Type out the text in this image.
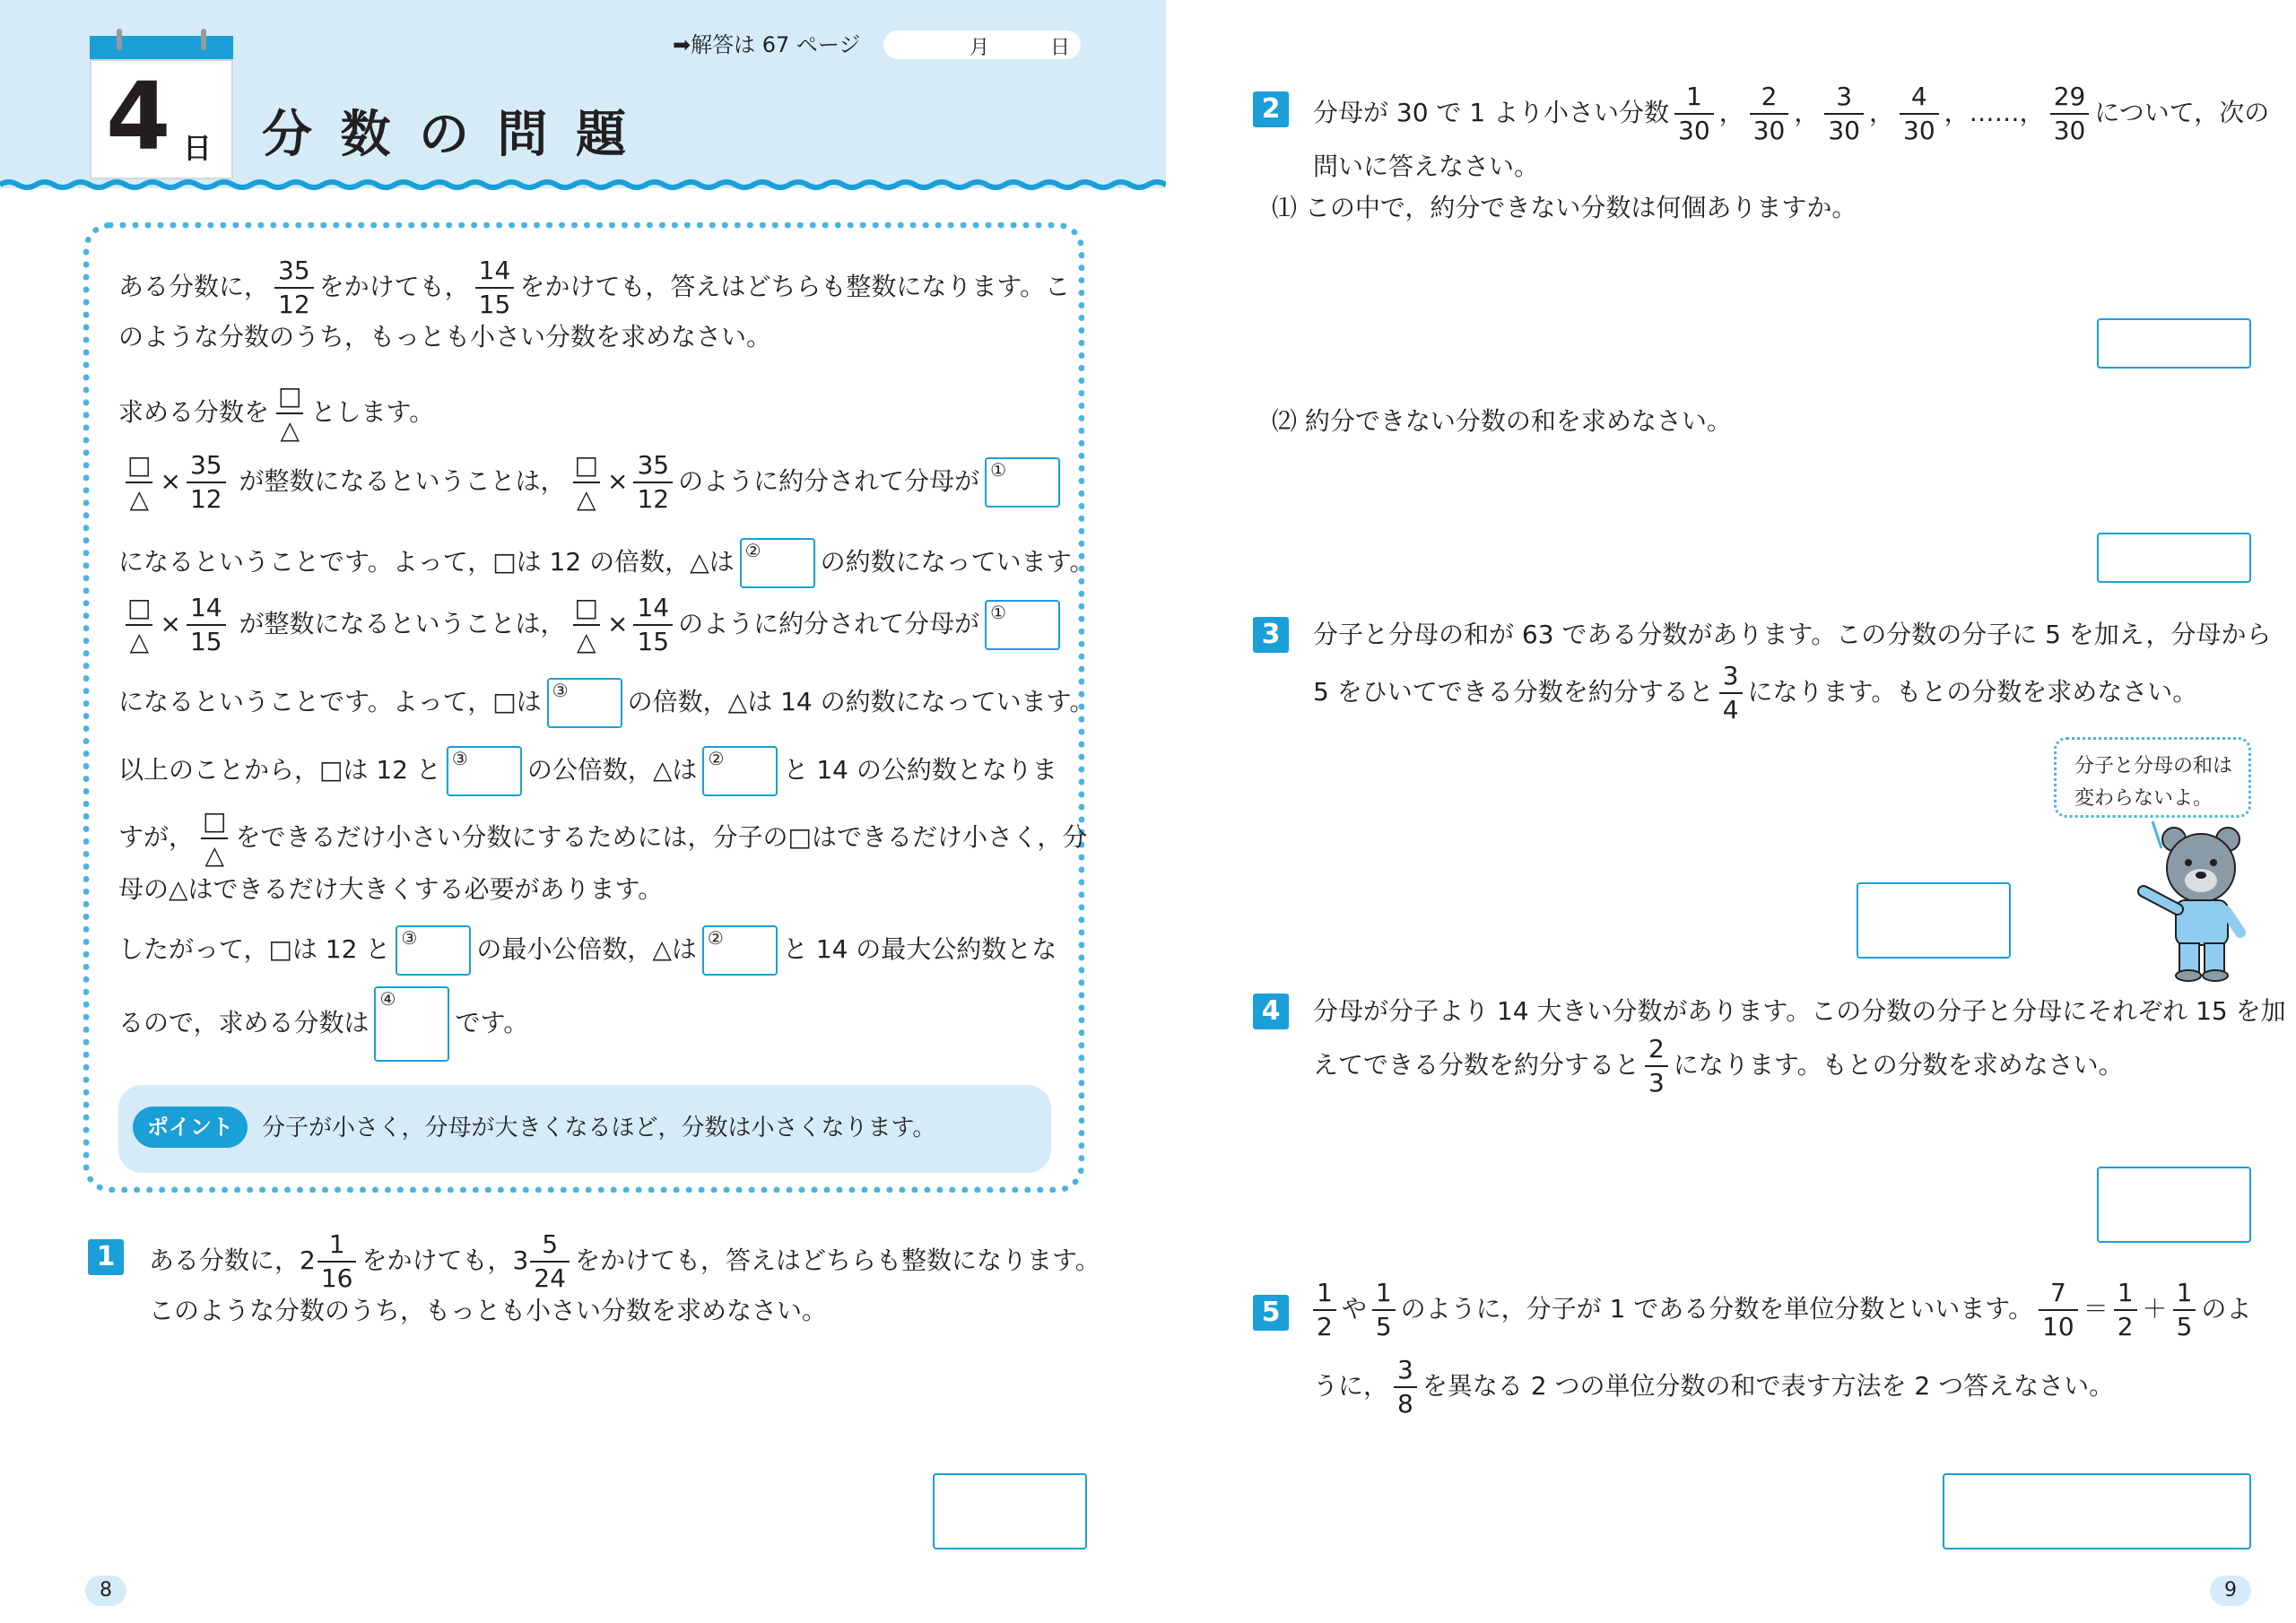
4 日 分 数 の 問 題
➡解答は 67 ページ	月	日
ある分数に， $\frac{35}{12}$ をかけても， $\frac{14}{15}$ をかけても，答えはどちらも整数になります。こ
のような分数のうち，もっとも小さい分数を求めなさい。
求める分数を $\frac{□}{\triangle}$ とします。
$\frac{□}{\triangle} \times \frac{35}{12}$ が整数になるということは， $\frac{□}{\triangle} \times \frac{35}{12}$ のように約分されて分母が ①
になるということです。よって，□は 12 の倍数，△は ② の約数になっています。
$\frac{□}{\triangle} \times \frac{14}{15}$ が整数になるということは， $\frac{□}{\triangle} \times \frac{14}{15}$ のように約分されて分母が ①
になるということです。よって，□は ③ の倍数，△は 14 の約数になっています。
以上のことから，□は 12 と ③ の公倍数，△は ② と 14 の公約数となりま
すが， $\frac{□}{\triangle}$ をできるだけ小さい分数にするためには，分子の□はできるだけ小さく，分
母の△はできるだけ大きくする必要があります。
したがって，□は 12 と ③ の最小公倍数，△は ② と 14 の最大公約数とな
るので，求める分数は
④
です。
ポイント	分子が小さく，分母が大きくなるほど，分数は小さくなります。
1	ある分数に，$2 \frac{1}{16}$ をかけても，$3 \frac{5}{24}$ をかけても，答えはどちらも整数になります。
このような分数のうち，もっとも小さい分数を求めなさい。
8
2	分母が 30 で 1 より小さい分数 $\frac{1}{30}$ ， $\frac{2}{30}$ ， $\frac{3}{30}$ ， $\frac{4}{30}$ ，……， $\frac{29}{30}$ について，次の
問いに答えなさい。
⑴ この中で，約分できない分数は何個ありますか。
⑵ 約分できない分数の和を求めなさい。
3	分子と分母の和が 63 である分数があります。この分数の分子に 5 を加え，分母から
5 をひいてできる分数を約分すると $\frac{3}{4}$ になります。もとの分数を求めなさい。
分子と分母の和は
変わらないよ。
4	分母が分子より 14 大きい分数があります。この分数の分子と分母にそれぞれ 15 を加
えてできる分数を約分すると $\frac{2}{3}$ になります。もとの分数を求めなさい。
5	$\frac{1}{2}$ や $\frac{1}{5}$ のように，分子が 1 である分数を単位分数といいます。 $\frac{7}{10} = \frac{1}{2} + \frac{1}{5}$ のよ
うに， $\frac{3}{8}$ を異なる 2 つの単位分数の和で表す方法を 2 つ答えなさい。
9
